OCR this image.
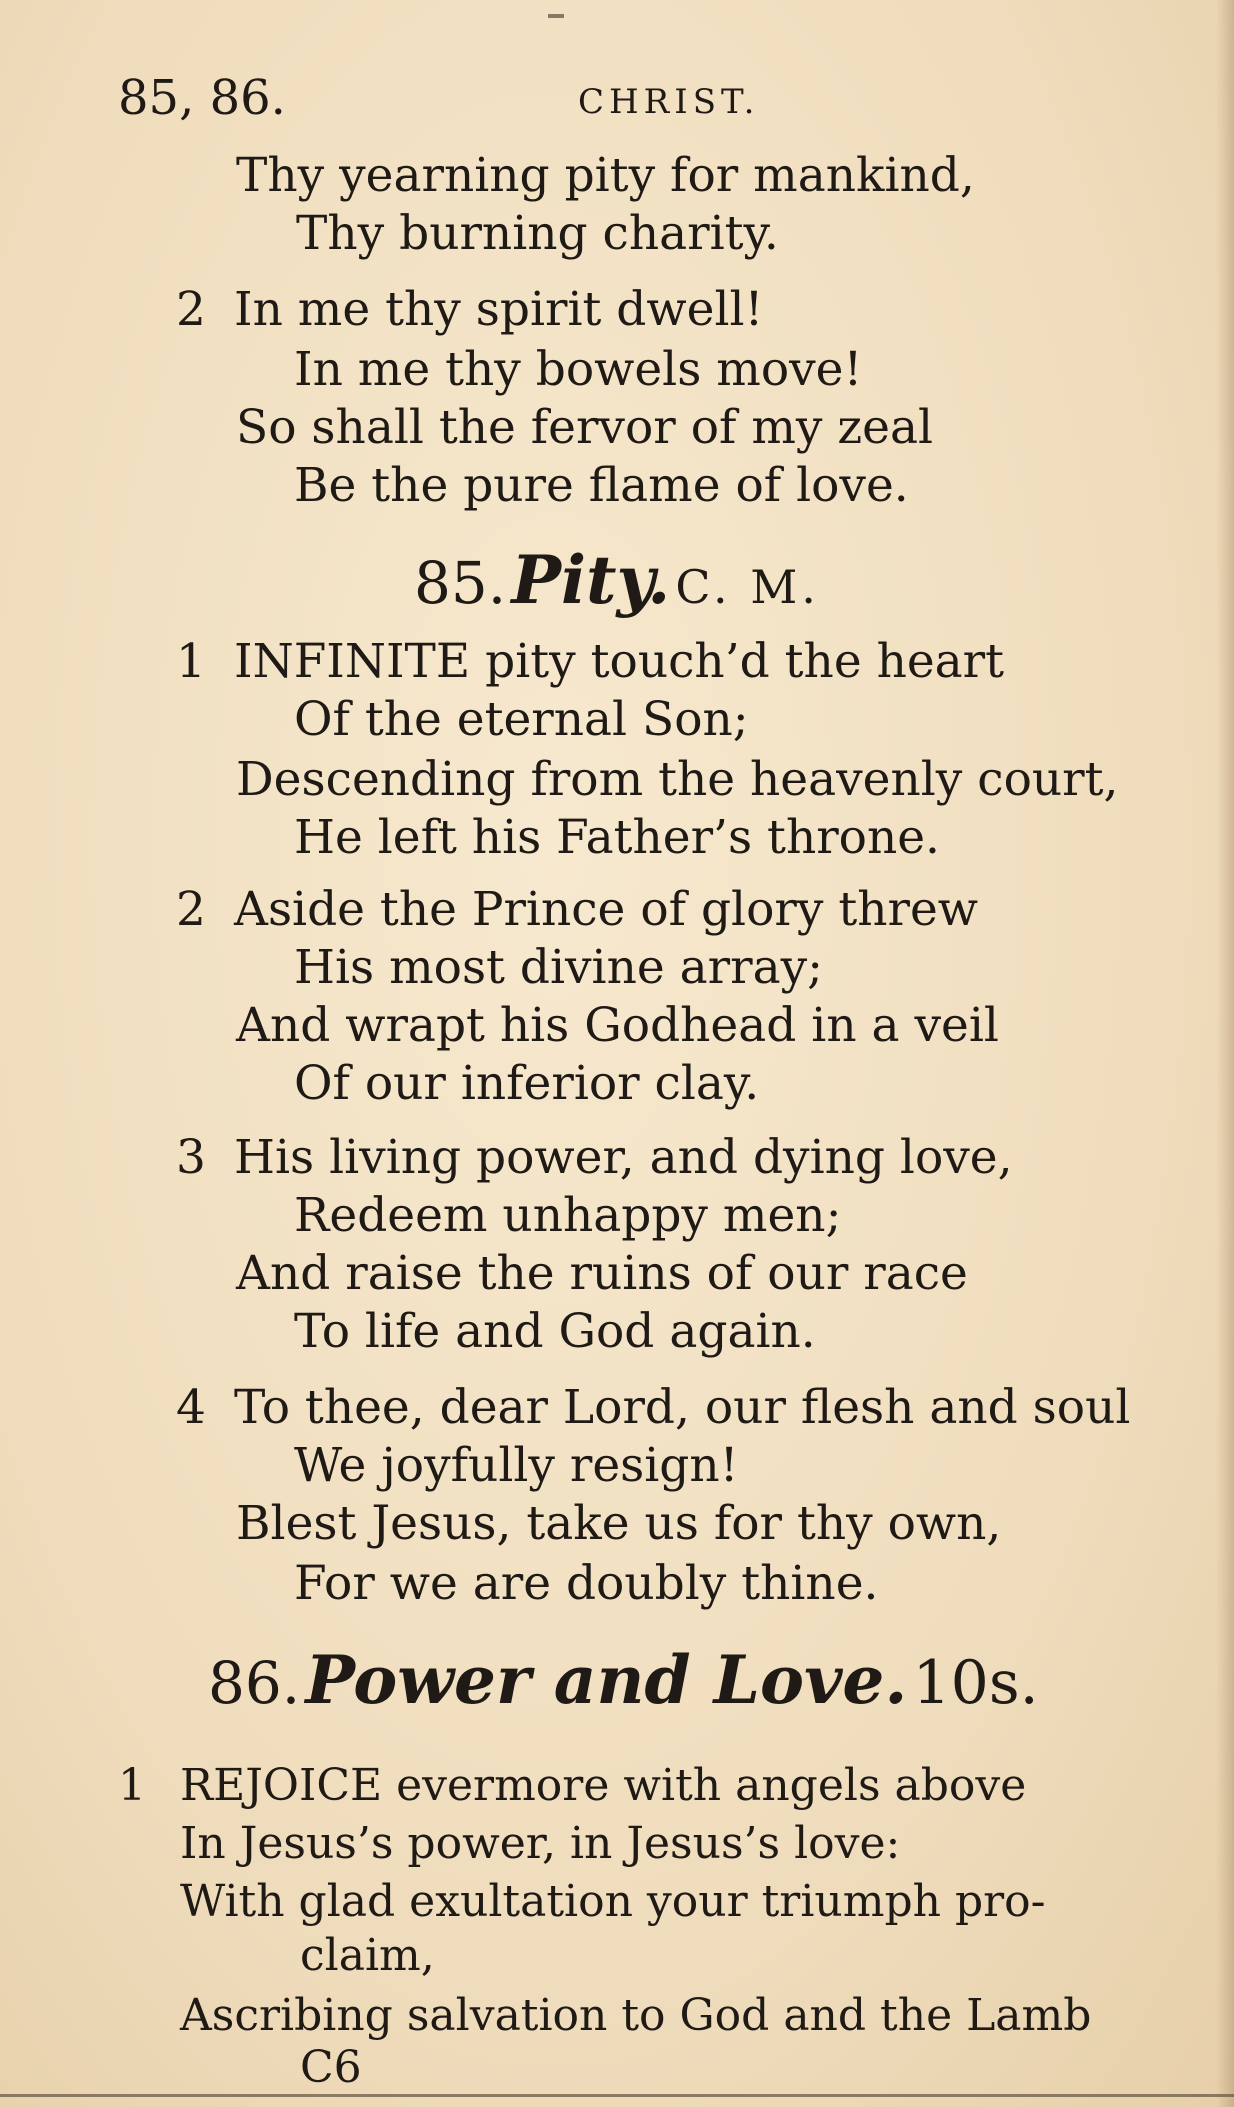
85, 86.	CHRIST.
Thy yearning pity for mankind,
Thy burning charity.
2 In me thy spirit dwell!
In me thy bowels move!
So shall the fervor of my zeal
Be the pure flame of love.
85. Pity. C. M.
1 INFINITE pity touch’d the heart
Of the eternal Son;
Descending from the heavenly court,
He left his Father’s throne.
2 Aside the Prince of glory threw
His most divine array;
And wrapt his Godhead in a veil
Of our inferior clay.
3 His living power, and dying love,
Redeem unhappy men;
And raise the ruins of our race
To life and God again.
4 To thee, dear Lord, our flesh and soul
We joyfully resign!
Blest Jesus, take us for thy own,
For we are doubly thine.
86. Power and Love. 10s.
1 REJOICE evermore with angels above
In Jesus’s power, in Jesus’s love:
With glad exultation your triumph pro-
claim,
Ascribing salvation to God and the Lamb
C6
